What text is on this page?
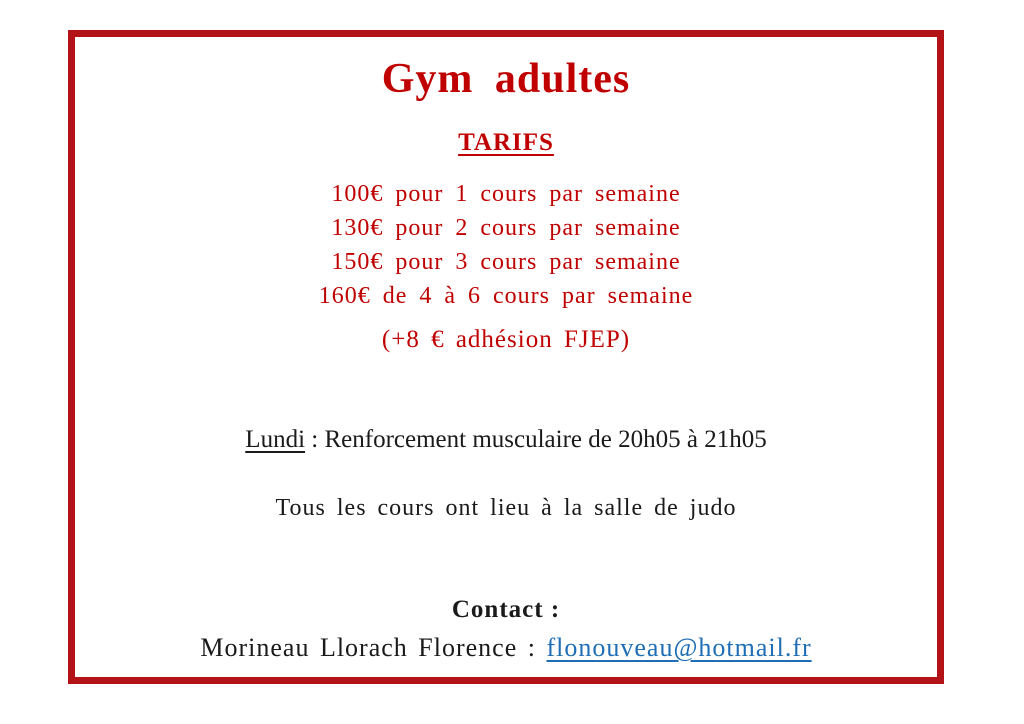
Gym adultes
TARIFS
100€ pour 1 cours par semaine
130€ pour 2 cours par semaine
150€ pour 3 cours par semaine
160€ de 4 à 6 cours par semaine
(+8 € adhésion FJEP)
Lundi : Renforcement musculaire de 20h05 à 21h05
Tous les cours ont lieu à la salle de judo
Contact :
Morineau Llorach Florence : flonouveau@hotmail.fr
